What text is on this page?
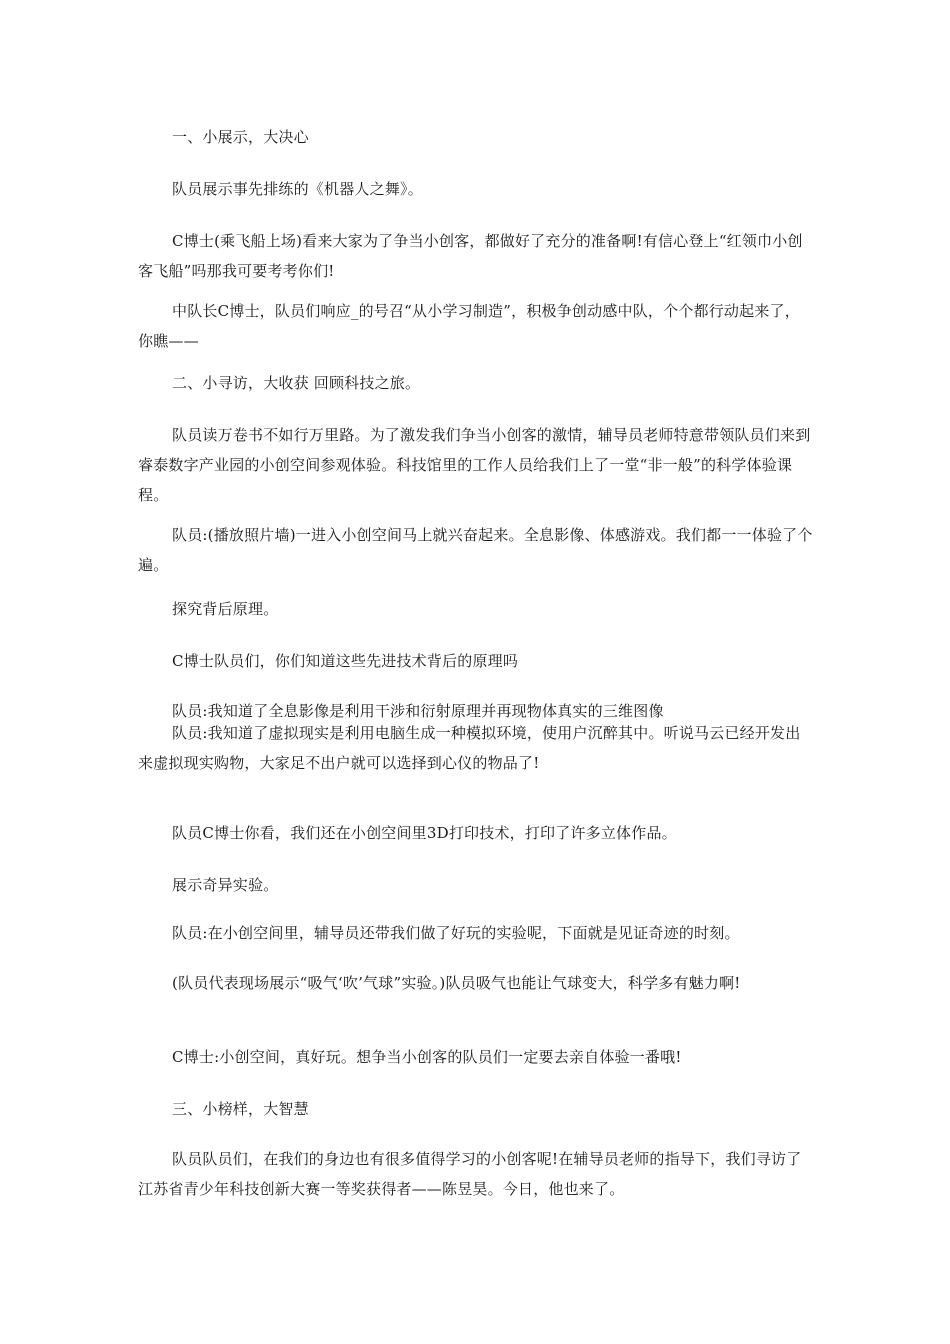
一、小展示，大决心

队员展示事先排练的《机器人之舞》。

C博士(乘飞船上场)看来大家为了争当小创客，都做好了充分的准备啊!有信心登上“红领巾小创客飞船”吗那我可要考考你们!

中队长C博士，队员们响应_的号召“从小学习制造”，积极争创动感中队，个个都行动起来了，你瞧——

二、小寻访，大收获 回顾科技之旅。

队员读万卷书不如行万里路。为了激发我们争当小创客的激情，辅导员老师特意带领队员们来到睿泰数字产业园的小创空间参观体验。科技馆里的工作人员给我们上了一堂“非一般”的科学体验课程。

队员:(播放照片墙)一进入小创空间马上就兴奋起来。全息影像、体感游戏。我们都一一体验了个遍。

探究背后原理。

C博士队员们，你们知道这些先进技术背后的原理吗

队员:我知道了全息影像是利用干涉和衍射原理并再现物体真实的三维图像

队员:我知道了虚拟现实是利用电脑生成一种模拟环境，使用户沉醉其中。听说马云已经开发出来虚拟现实购物，大家足不出户就可以选择到心仪的物品了!

队员C博士你看，我们还在小创空间里3D打印技术，打印了许多立体作品。

展示奇异实验。

队员:在小创空间里，辅导员还带我们做了好玩的实验呢，下面就是见证奇迹的时刻。

(队员代表现场展示“吸气‘吹’气球”实验。)队员吸气也能让气球变大，科学多有魅力啊!

C博士:小创空间，真好玩。想争当小创客的队员们一定要去亲自体验一番哦!

三、小榜样，大智慧

队员队员们，在我们的身边也有很多值得学习的小创客呢!在辅导员老师的指导下，我们寻访了江苏省青少年科技创新大赛一等奖获得者——陈昱昊。今日，他也来了。
